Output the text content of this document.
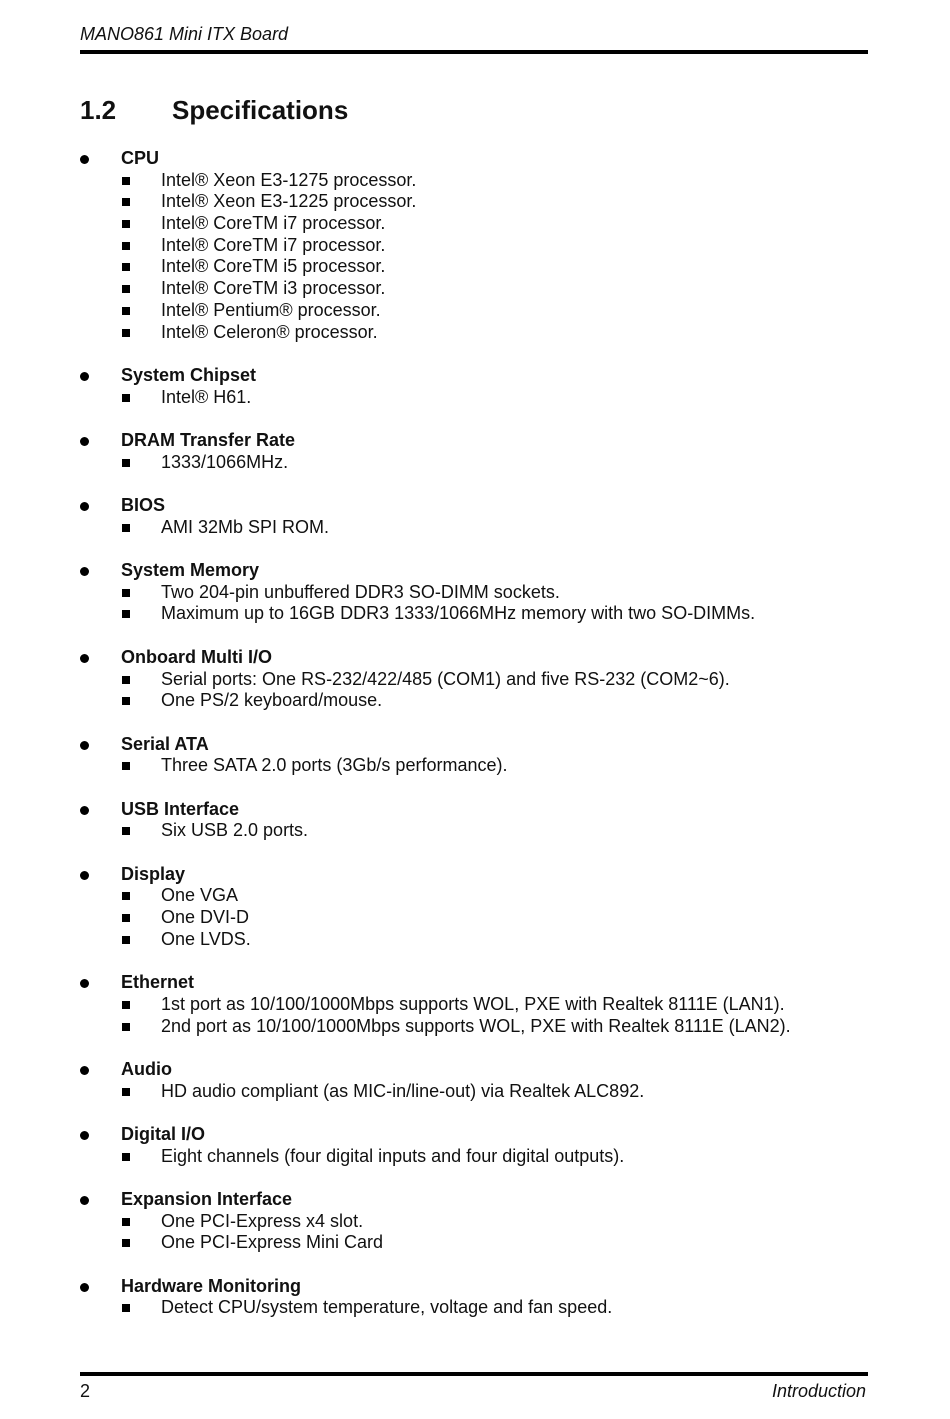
MANO861 Mini ITX Board
1.2 Specifications
CPU
Intel® Xeon E3-1275 processor.
Intel® Xeon E3-1225 processor.
Intel® CoreTM i7 processor.
Intel® CoreTM i7 processor.
Intel® CoreTM i5 processor.
Intel® CoreTM i3 processor.
Intel® Pentium® processor.
Intel® Celeron® processor.
System Chipset
Intel® H61.
DRAM Transfer Rate
1333/1066MHz.
BIOS
AMI 32Mb SPI ROM.
System Memory
Two 204-pin unbuffered DDR3 SO-DIMM sockets.
Maximum up to 16GB DDR3 1333/1066MHz memory with two SO-DIMMs.
Onboard Multi I/O
Serial ports: One RS-232/422/485 (COM1) and five RS-232 (COM2~6).
One PS/2 keyboard/mouse.
Serial ATA
Three SATA 2.0 ports (3Gb/s performance).
USB Interface
Six USB 2.0 ports.
Display
One VGA
One DVI-D
One LVDS.
Ethernet
1st port as 10/100/1000Mbps supports WOL, PXE with Realtek 8111E (LAN1).
2nd port as 10/100/1000Mbps supports WOL, PXE with Realtek 8111E (LAN2).
Audio
HD audio compliant (as MIC-in/line-out) via Realtek ALC892.
Digital I/O
Eight channels (four digital inputs and four digital outputs).
Expansion Interface
One PCI-Express x4 slot.
One PCI-Express Mini Card
Hardware Monitoring
Detect CPU/system temperature, voltage and fan speed.
2	Introduction
